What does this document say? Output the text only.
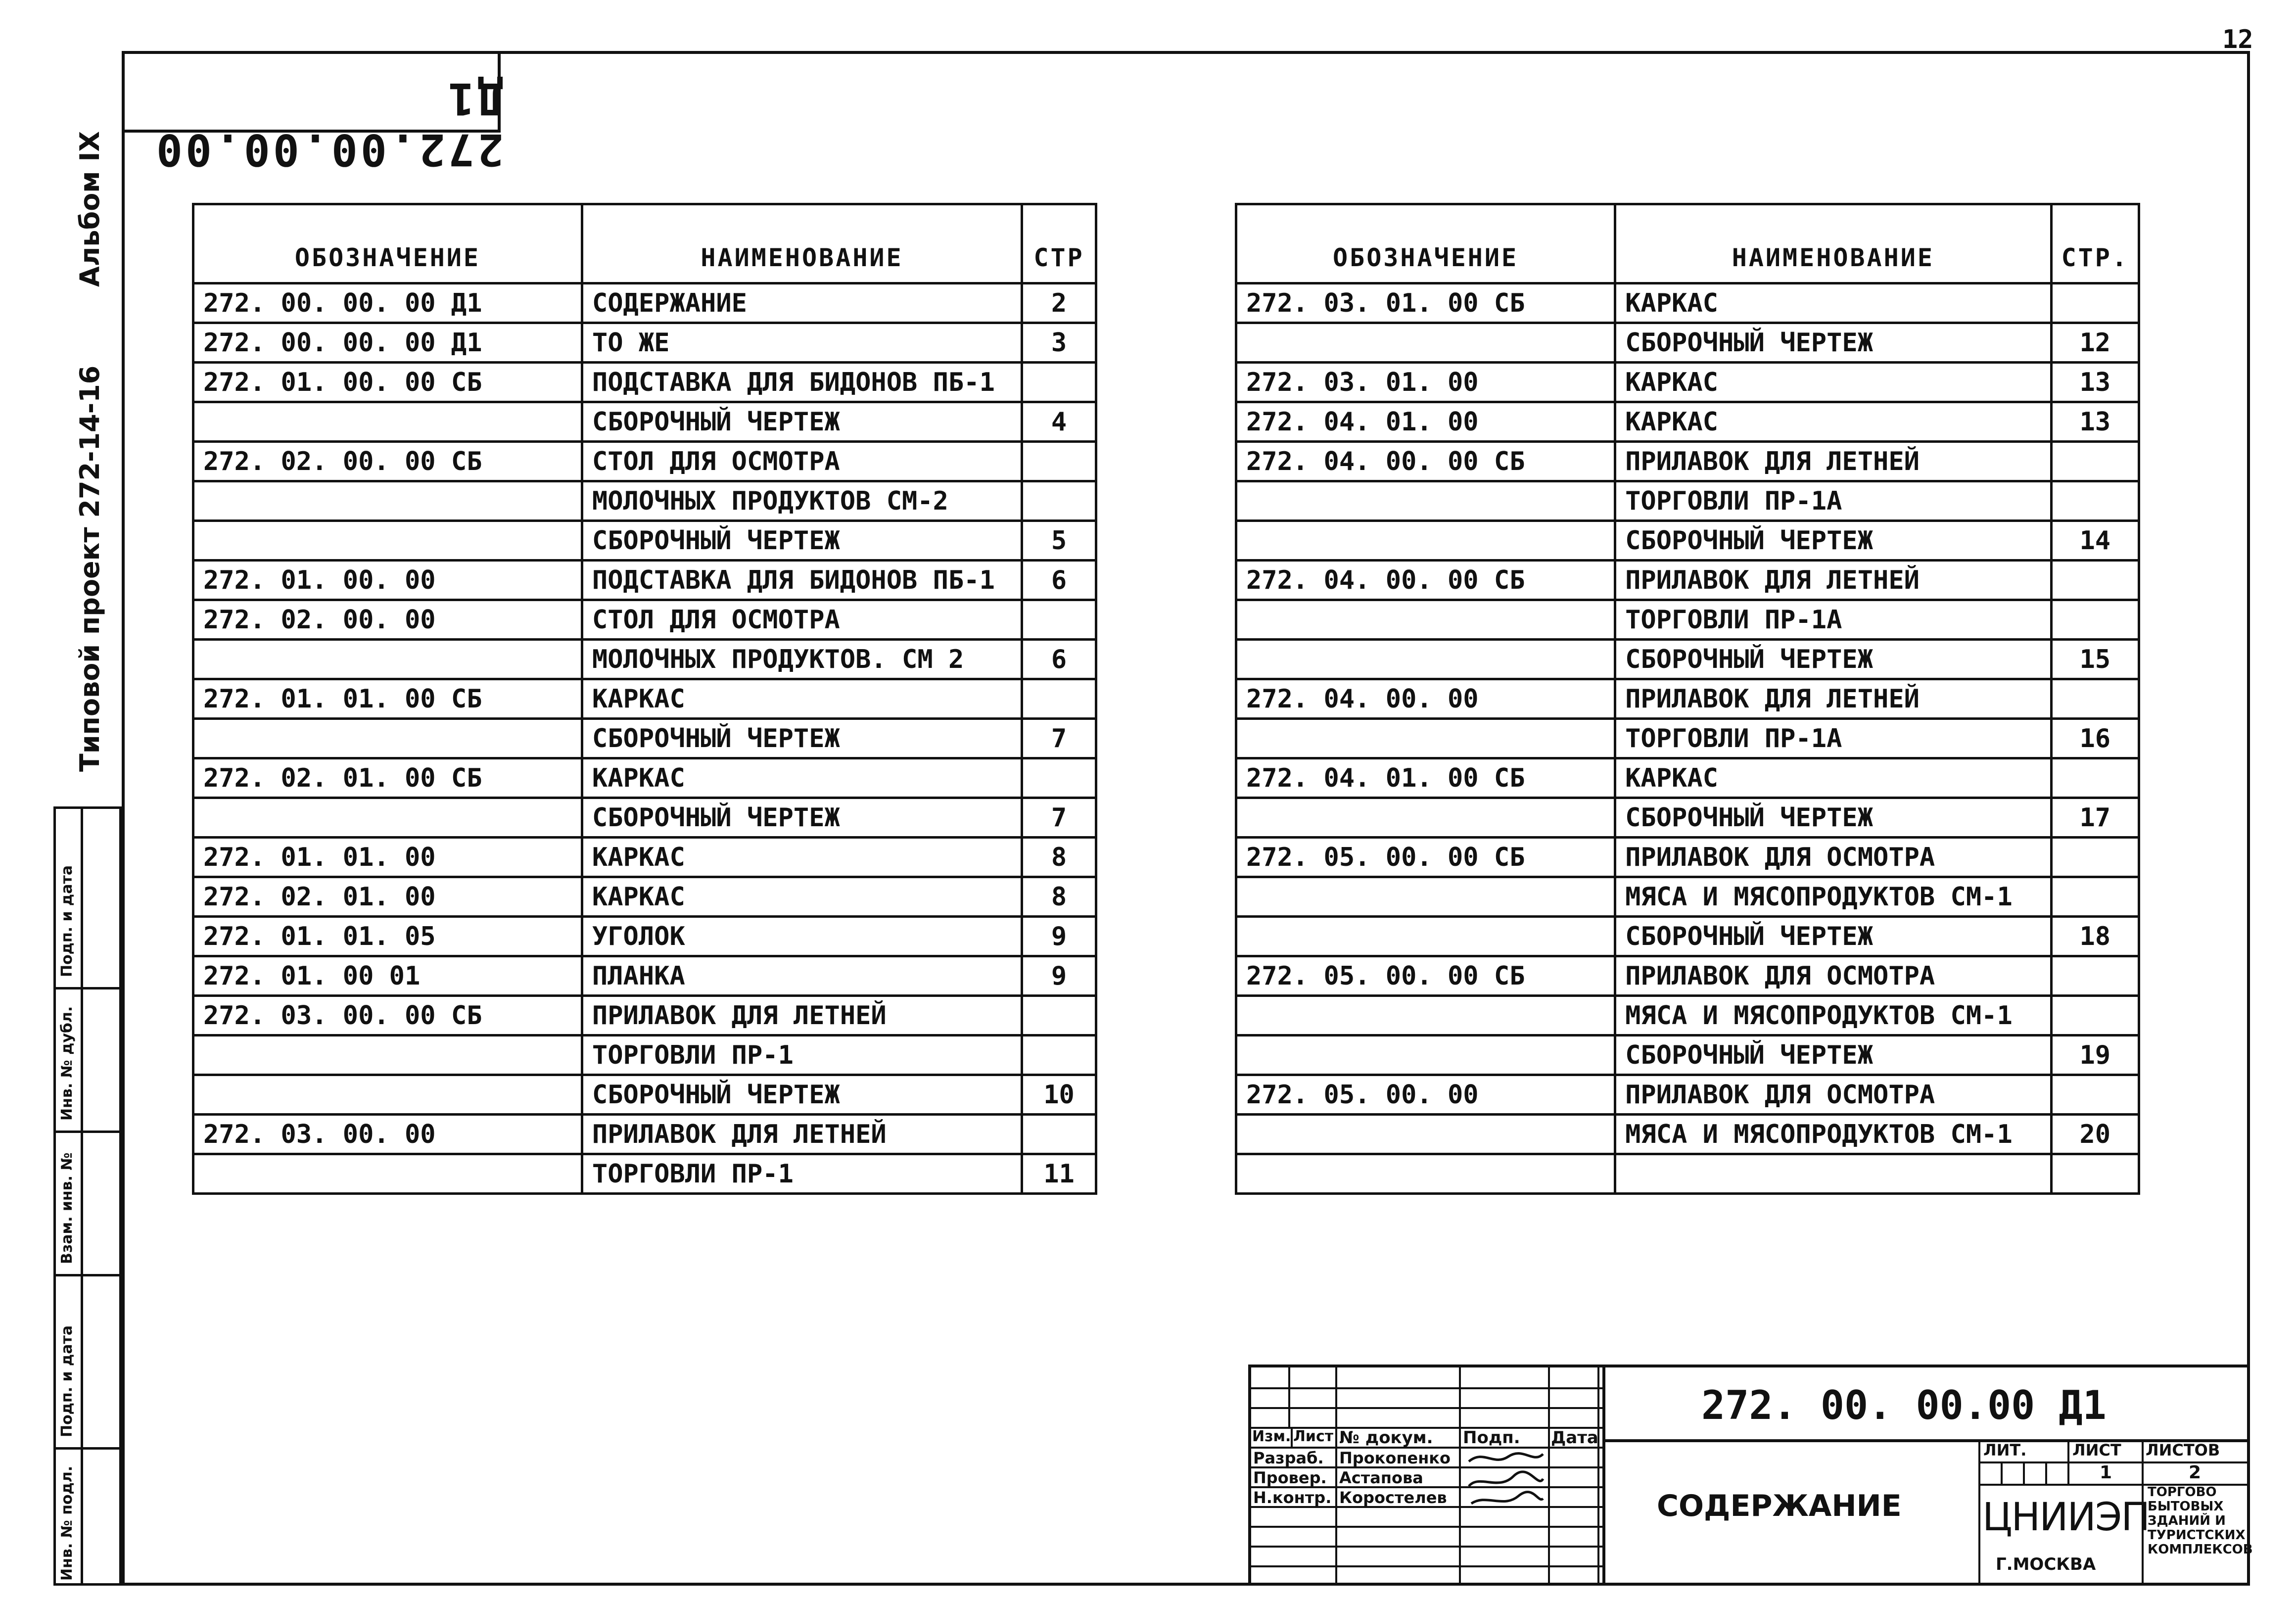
12
272.00.00.00 Д1
Альбом IX
Типовой проект 272-14-16
Инв. № подл.
Подп. и дата
Взам. инв. №
Инв. № дубл.
Подп. и дата
ОБОЗНАЧЕНИЕ	НАИМЕНОВАНИЕ	СТР
272. 00. 00. 00 Д1	СОДЕРЖАНИЕ	2
272. 00. 00. 00 Д1	ТО ЖЕ	3
272. 01. 00. 00 СБ	ПОДСТАВКА ДЛЯ БИДОНОВ ПБ-1	
	СБОРОЧНЫЙ ЧЕРТЕЖ	4
272. 02. 00. 00 СБ	СТОЛ ДЛЯ ОСМОТРА	
	МОЛОЧНЫХ ПРОДУКТОВ СМ-2	
	СБОРОЧНЫЙ ЧЕРТЕЖ	5
272. 01. 00. 00	ПОДСТАВКА ДЛЯ БИДОНОВ ПБ-1	6
272. 02. 00. 00	СТОЛ ДЛЯ ОСМОТРА	
	МОЛОЧНЫХ ПРОДУКТОВ. СМ 2	6
272. 01. 01. 00 СБ	КАРКАС	
	СБОРОЧНЫЙ ЧЕРТЕЖ	7
272. 02. 01. 00 СБ	КАРКАС	
	СБОРОЧНЫЙ ЧЕРТЕЖ	7
272. 01. 01. 00	КАРКАС	8
272. 02. 01. 00	КАРКАС	8
272. 01. 01. 05	УГОЛОК	9
272. 01. 00 01	ПЛАНКА	9
272. 03. 00. 00 СБ	ПРИЛАВОК ДЛЯ ЛЕТНЕЙ	
	ТОРГОВЛИ ПР-1	
	СБОРОЧНЫЙ ЧЕРТЕЖ	10
272. 03. 00. 00	ПРИЛАВОК ДЛЯ ЛЕТНЕЙ	
	ТОРГОВЛИ ПР-1	11
ОБОЗНАЧЕНИЕ	НАИМЕНОВАНИЕ	СТР.
272. 03. 01. 00 СБ	КАРКАС	
	СБОРОЧНЫЙ ЧЕРТЕЖ	12
272. 03. 01. 00	КАРКАС	13
272. 04. 01. 00	КАРКАС	13
272. 04. 00. 00 СБ	ПРИЛАВОК ДЛЯ ЛЕТНЕЙ	
	ТОРГОВЛИ ПР-1А	
	СБОРОЧНЫЙ ЧЕРТЕЖ	14
272. 04. 00. 00 СБ	ПРИЛАВОК ДЛЯ ЛЕТНЕЙ	
	ТОРГОВЛИ ПР-1А	
	СБОРОЧНЫЙ ЧЕРТЕЖ	15
272. 04. 00. 00	ПРИЛАВОК ДЛЯ ЛЕТНЕЙ	
	ТОРГОВЛИ ПР-1А	16
272. 04. 01. 00 СБ	КАРКАС	
	СБОРОЧНЫЙ ЧЕРТЕЖ	17
272. 05. 00. 00 СБ	ПРИЛАВОК ДЛЯ ОСМОТРА	
	МЯСА И МЯСОПРОДУКТОВ СМ-1	
	СБОРОЧНЫЙ ЧЕРТЕЖ	18
272. 05. 00. 00 СБ	ПРИЛАВОК ДЛЯ ОСМОТРА	
	МЯСА И МЯСОПРОДУКТОВ СМ-1	
	СБОРОЧНЫЙ ЧЕРТЕЖ	19
272. 05. 00. 00	ПРИЛАВОК ДЛЯ ОСМОТРА	
	МЯСА И МЯСОПРОДУКТОВ СМ-1	20

Изм. Лист № докум. Подп. Дата
Разраб. Прокопенко
Провер. Астапова
Н.контр. Коростелев
272. 00. 00.00 Д1
СОДЕРЖАНИЕ
ЛИТ.	ЛИСТ ЛИСТОВ
1	2
ЦНИИЭП
Г.МОСКВА
ТОРГОВО
БЫТОВЫХ
ЗДАНИЙ И
ТУРИСТСКИХ
КОМПЛЕКСОВ
